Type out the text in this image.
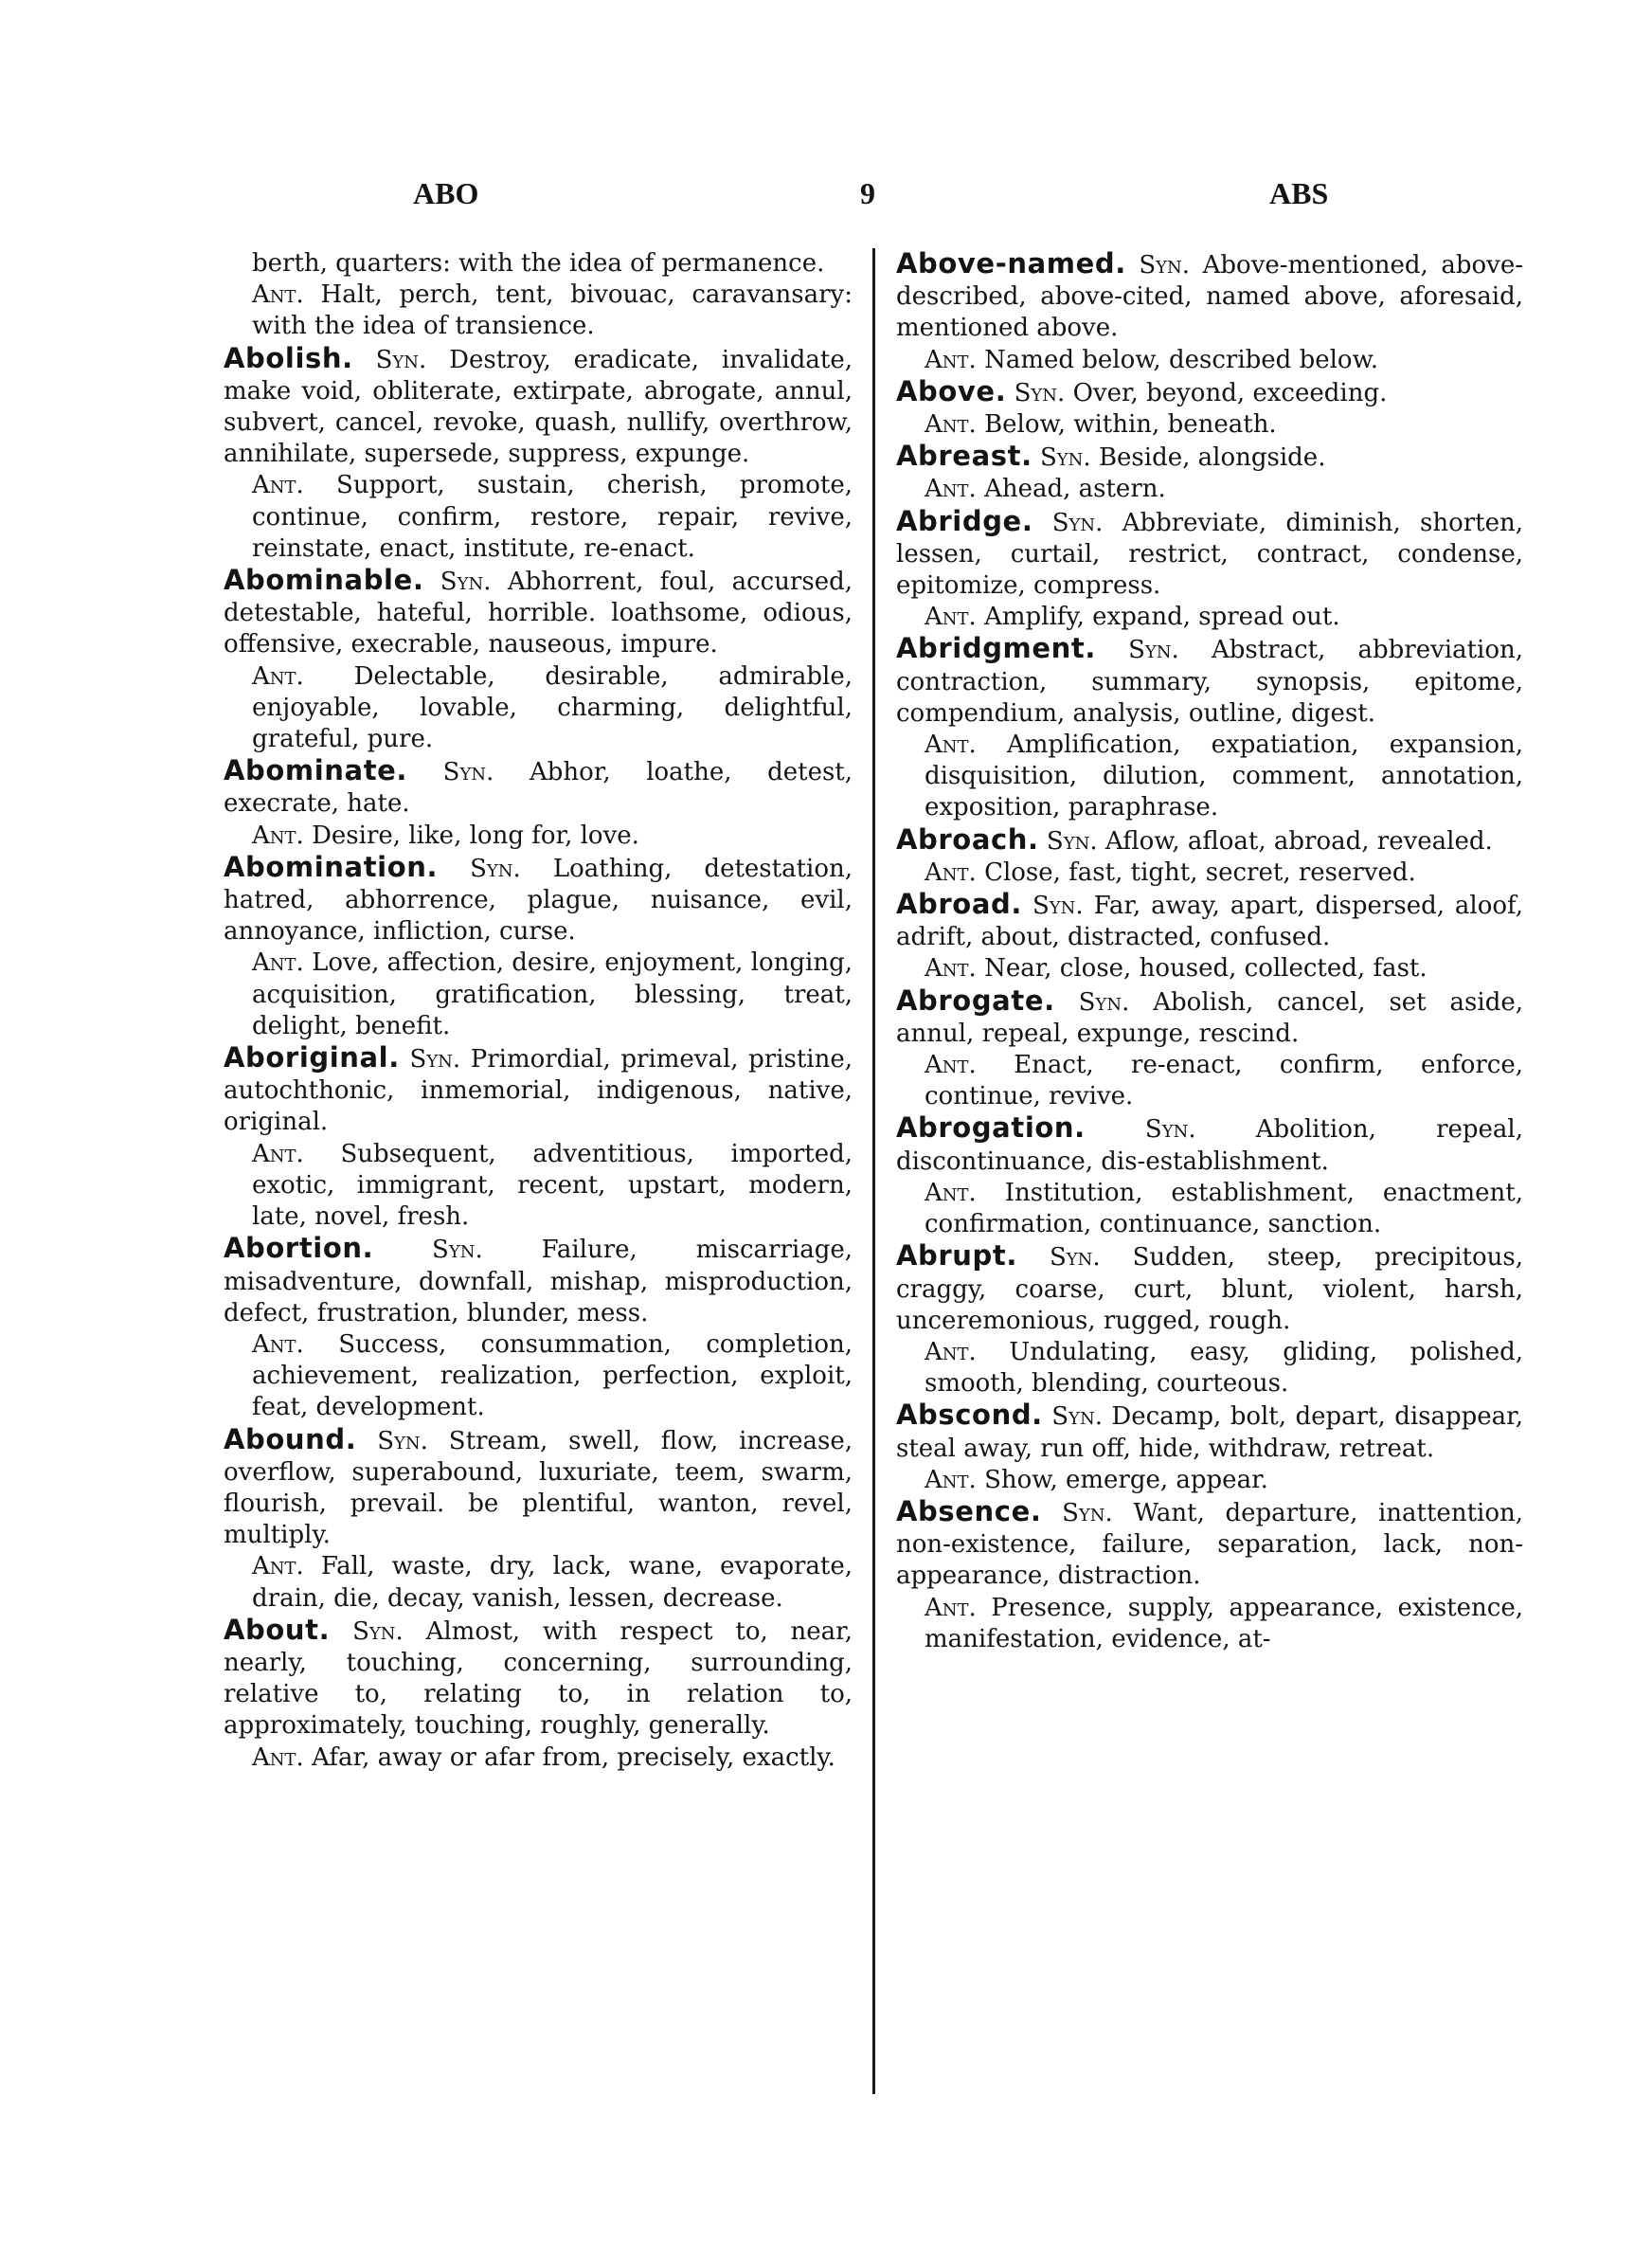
ABO	9	ABS

berth, quarters: with the idea of permanence.

Ant. Halt, perch, tent, bivouac, caravansary: with the idea of transience.

Abolish. Syn. Destroy, eradicate, invalidate, make void, obliterate, extirpate, abrogate, annul, subvert, cancel, revoke, quash, nullify, overthrow, annihilate, supersede, suppress, expunge.

Ant. Support, sustain, cherish, promote, continue, confirm, restore, repair, revive, reinstate, enact, institute, re-enact.

Abominable. Syn. Abhorrent, foul, accursed, detestable, hateful, horrible. loathsome, odious, offensive, execrable, nauseous, impure.

Ant. Delectable, desirable, admirable, enjoyable, lovable, charming, delightful, grateful, pure.

Abominate. Syn. Abhor, loathe, detest, execrate, hate.

Ant. Desire, like, long for, love.

Abomination. Syn. Loathing, detestation, hatred, abhorrence, plague, nuisance, evil, annoyance, infliction, curse.

Ant. Love, affection, desire, enjoyment, longing, acquisition, gratification, blessing, treat, delight, benefit.

Aboriginal. Syn. Primordial, primeval, pristine, autochthonic, inmemorial, indigenous, native, original.

Ant. Subsequent, adventitious, imported, exotic, immigrant, recent, upstart, modern, late, novel, fresh.

Abortion. Syn. Failure, miscarriage, misadventure, downfall, mishap, misproduction, defect, frustration, blunder, mess.

Ant. Success, consummation, completion, achievement, realization, perfection, exploit, feat, development.

Abound. Syn. Stream, swell, flow, increase, overflow, superabound, luxuriate, teem, swarm, flourish, prevail. be plentiful, wanton, revel, multiply.

Ant. Fall, waste, dry, lack, wane, evaporate, drain, die, decay, vanish, lessen, decrease.

About. Syn. Almost, with respect to, near, nearly, touching, concerning, surrounding, relative to, relating to, in relation to, approximately, touching, roughly, generally.

Ant. Afar, away or afar from, precisely, exactly.

Above-named. Syn. Above-mentioned, above-described, above-cited, named above, aforesaid, mentioned above.

Ant. Named below, described below.

Above. Syn. Over, beyond, exceeding.

Ant. Below, within, beneath.

Abreast. Syn. Beside, alongside.

Ant. Ahead, astern.

Abridge. Syn. Abbreviate, diminish, shorten, lessen, curtail, restrict, contract, condense, epitomize, compress.

Ant. Amplify, expand, spread out.

Abridgment. Syn. Abstract, abbreviation, contraction, summary, synopsis, epitome, compendium, analysis, outline, digest.

Ant. Amplification, expatiation, expansion, disquisition, dilution, comment, annotation, exposition, paraphrase.

Abroach. Syn. Aflow, afloat, abroad, revealed.

Ant. Close, fast, tight, secret, reserved.

Abroad. Syn. Far, away, apart, dispersed, aloof, adrift, about, distracted, confused.

Ant. Near, close, housed, collected, fast.

Abrogate. Syn. Abolish, cancel, set aside, annul, repeal, expunge, rescind.

Ant. Enact, re-enact, confirm, enforce, continue, revive.

Abrogation. Syn. Abolition, repeal, discontinuance, dis-establishment.

Ant. Institution, establishment, enactment, confirmation, continuance, sanction.

Abrupt. Syn. Sudden, steep, precipitous, craggy, coarse, curt, blunt, violent, harsh, unceremonious, rugged, rough.

Ant. Undulating, easy, gliding, polished, smooth, blending, courteous.

Abscond. Syn. Decamp, bolt, depart, disappear, steal away, run off, hide, withdraw, retreat.

Ant. Show, emerge, appear.

Absence. Syn. Want, departure, inattention, non-existence, failure, separation, lack, non-appearance, distraction.

Ant. Presence, supply, appearance, existence, manifestation, evidence, at-
